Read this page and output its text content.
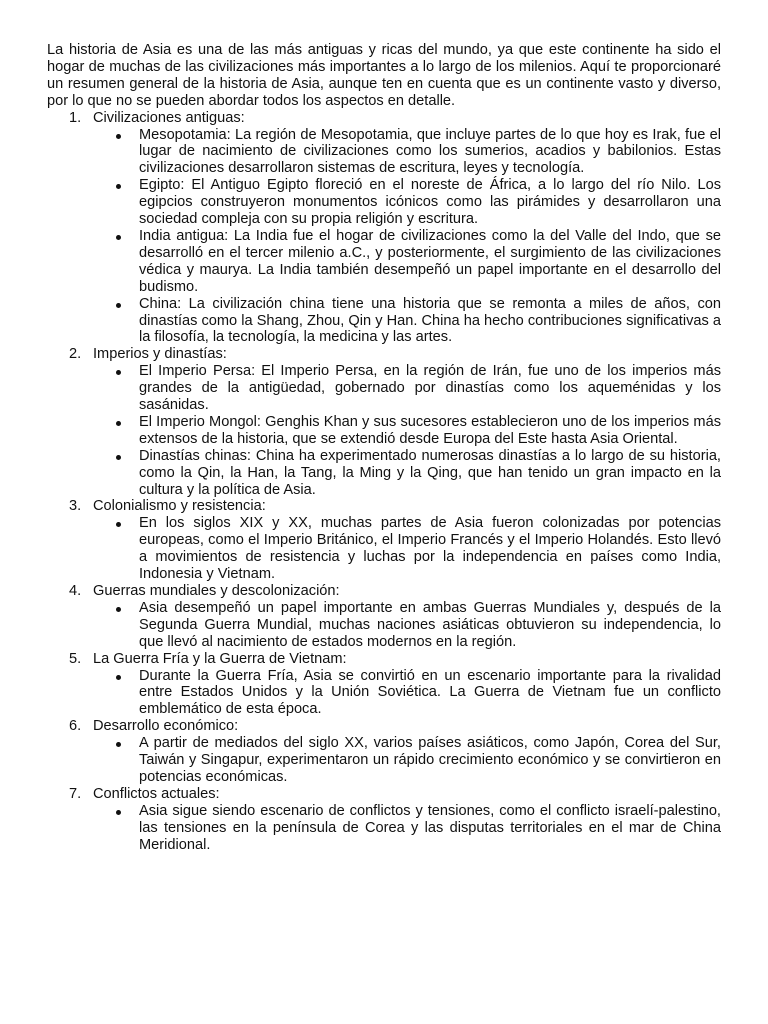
La historia de Asia es una de las más antiguas y ricas del mundo, ya que este continente ha sido el hogar de muchas de las civilizaciones más importantes a lo largo de los milenios. Aquí te proporcionaré un resumen general de la historia de Asia, aunque ten en cuenta que es un continente vasto y diverso, por lo que no se pueden abordar todos los aspectos en detalle.

1. Civilizaciones antiguas:
Mesopotamia: La región de Mesopotamia, que incluye partes de lo que hoy es Irak, fue el lugar de nacimiento de civilizaciones como los sumerios, acadios y babilonios. Estas civilizaciones desarrollaron sistemas de escritura, leyes y tecnología.
Egipto: El Antiguo Egipto floreció en el noreste de África, a lo largo del río Nilo. Los egipcios construyeron monumentos icónicos como las pirámides y desarrollaron una sociedad compleja con su propia religión y escritura.
India antigua: La India fue el hogar de civilizaciones como la del Valle del Indo, que se desarrolló en el tercer milenio a.C., y posteriormente, el surgimiento de las civilizaciones védica y maurya. La India también desempeñó un papel importante en el desarrollo del budismo.
China: La civilización china tiene una historia que se remonta a miles de años, con dinastías como la Shang, Zhou, Qin y Han. China ha hecho contribuciones significativas a la filosofía, la tecnología, la medicina y las artes.
2. Imperios y dinastías:
El Imperio Persa: El Imperio Persa, en la región de Irán, fue uno de los imperios más grandes de la antigüedad, gobernado por dinastías como los aqueménidas y los sasánidas.
El Imperio Mongol: Genghis Khan y sus sucesores establecieron uno de los imperios más extensos de la historia, que se extendió desde Europa del Este hasta Asia Oriental.
Dinastías chinas: China ha experimentado numerosas dinastías a lo largo de su historia, como la Qin, la Han, la Tang, la Ming y la Qing, que han tenido un gran impacto en la cultura y la política de Asia.
3. Colonialismo y resistencia:
En los siglos XIX y XX, muchas partes de Asia fueron colonizadas por potencias europeas, como el Imperio Británico, el Imperio Francés y el Imperio Holandés. Esto llevó a movimientos de resistencia y luchas por la independencia en países como India, Indonesia y Vietnam.
4. Guerras mundiales y descolonización:
Asia desempeñó un papel importante en ambas Guerras Mundiales y, después de la Segunda Guerra Mundial, muchas naciones asiáticas obtuvieron su independencia, lo que llevó al nacimiento de estados modernos en la región.
5. La Guerra Fría y la Guerra de Vietnam:
Durante la Guerra Fría, Asia se convirtió en un escenario importante para la rivalidad entre Estados Unidos y la Unión Soviética. La Guerra de Vietnam fue un conflicto emblemático de esta época.
6. Desarrollo económico:
A partir de mediados del siglo XX, varios países asiáticos, como Japón, Corea del Sur, Taiwán y Singapur, experimentaron un rápido crecimiento económico y se convirtieron en potencias económicas.
7. Conflictos actuales:
Asia sigue siendo escenario de conflictos y tensiones, como el conflicto israelí-palestino, las tensiones en la península de Corea y las disputas territoriales en el mar de China Meridional.
